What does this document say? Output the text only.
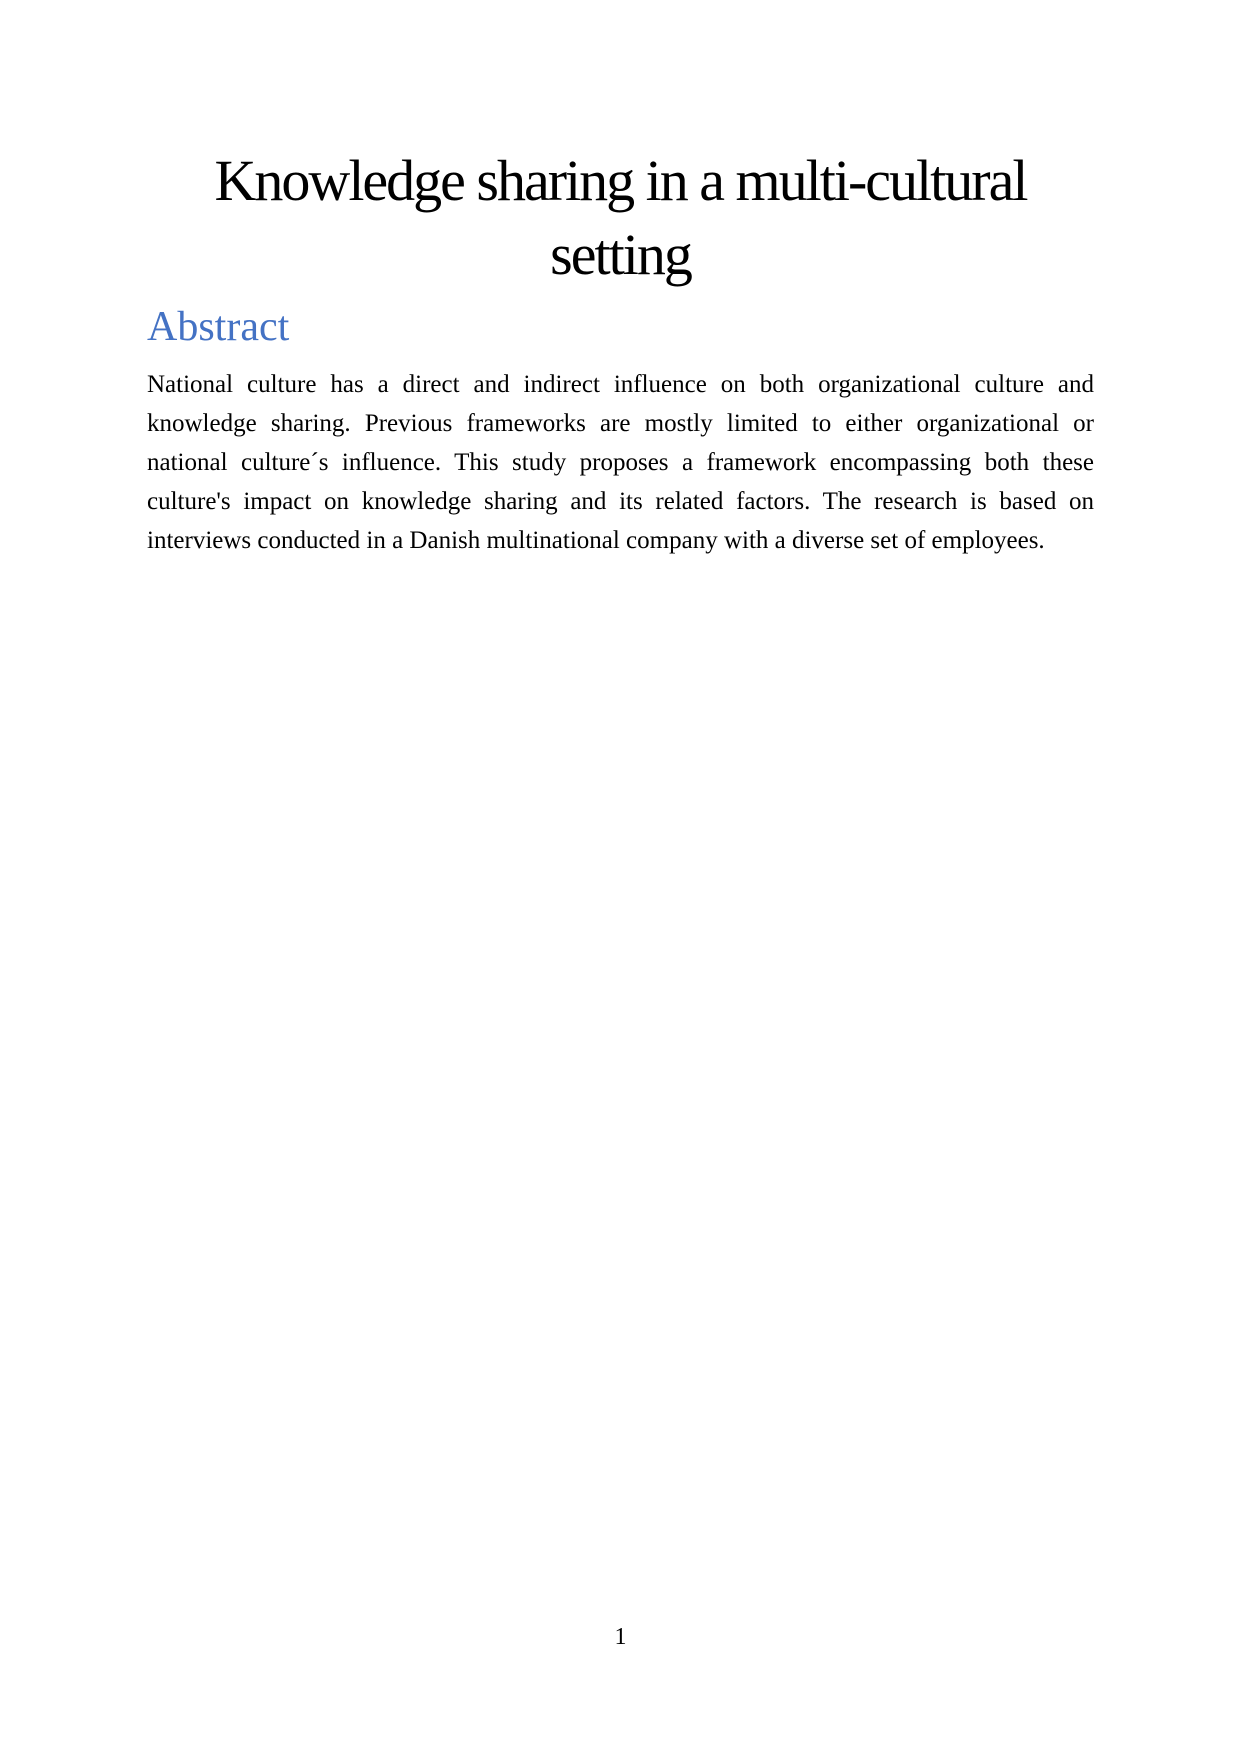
Knowledge sharing in a multi-cultural
setting
Abstract

National culture has a direct and indirect influence on both organizational culture and knowledge sharing. Previous frameworks are mostly limited to either organizational or national culture´s influence. This study proposes a framework encompassing both these culture's impact on knowledge sharing and its related factors. The research is based on interviews conducted in a Danish multinational company with a diverse set of employees.

1
